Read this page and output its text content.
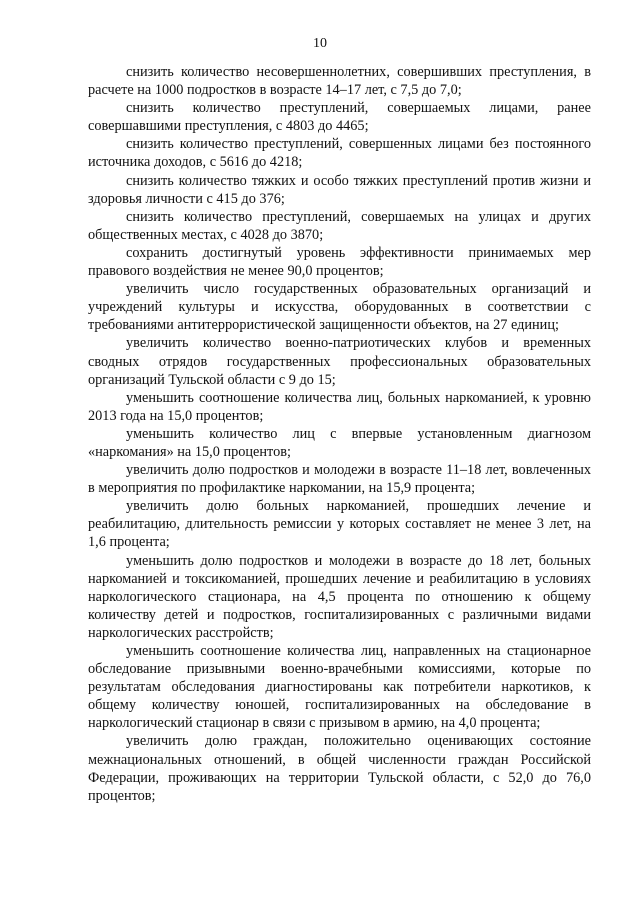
10

снизить количество несовершеннолетних, совершивших преступления, в расчете на 1000 подростков в возрасте 14–17 лет, с 7,5 до 7,0;

снизить количество преступлений, совершаемых лицами, ранее совершавшими преступления, с 4803 до 4465;

снизить количество преступлений, совершенных лицами без постоянного источника доходов, с 5616 до 4218;

снизить количество тяжких и особо тяжких преступлений против жизни и здоровья личности с 415 до 376;

снизить количество преступлений, совершаемых на улицах и других общественных местах, с 4028 до 3870;

сохранить достигнутый уровень эффективности принимаемых мер правового воздействия не менее 90,0 процентов;

увеличить число государственных образовательных организаций и учреждений культуры и искусства, оборудованных в соответствии с требованиями антитеррористической защищенности объектов, на 27 единиц;

увеличить количество военно-патриотических клубов и временных сводных отрядов государственных профессиональных образовательных организаций Тульской области с 9 до 15;

уменьшить соотношение количества лиц, больных наркоманией, к уровню 2013 года на 15,0 процентов;

уменьшить количество лиц с впервые установленным диагнозом «наркомания» на 15,0 процентов;

увеличить долю подростков и молодежи в возрасте 11–18 лет, вовлеченных в мероприятия по профилактике наркомании, на 15,9 процента;

увеличить долю больных наркоманией, прошедших лечение и реабилитацию, длительность ремиссии у которых составляет не менее 3 лет, на 1,6 процента;

уменьшить долю подростков и молодежи в возрасте до 18 лет, больных наркоманией и токсикоманией, прошедших лечение и реабилитацию в условиях наркологического стационара, на 4,5 процента по отношению к общему количеству детей и подростков, госпитализированных с различными видами наркологических расстройств;

уменьшить соотношение количества лиц, направленных на стационарное обследование призывными военно-врачебными комиссиями, которые по результатам обследования диагностированы как потребители наркотиков, к общему количеству юношей, госпитализированных на обследование в наркологический стационар в связи с призывом в армию, на 4,0 процента;

увеличить долю граждан, положительно оценивающих состояние межнациональных отношений, в общей численности граждан Российской Федерации, проживающих на территории Тульской области, с 52,0 до 76,0 процентов;
